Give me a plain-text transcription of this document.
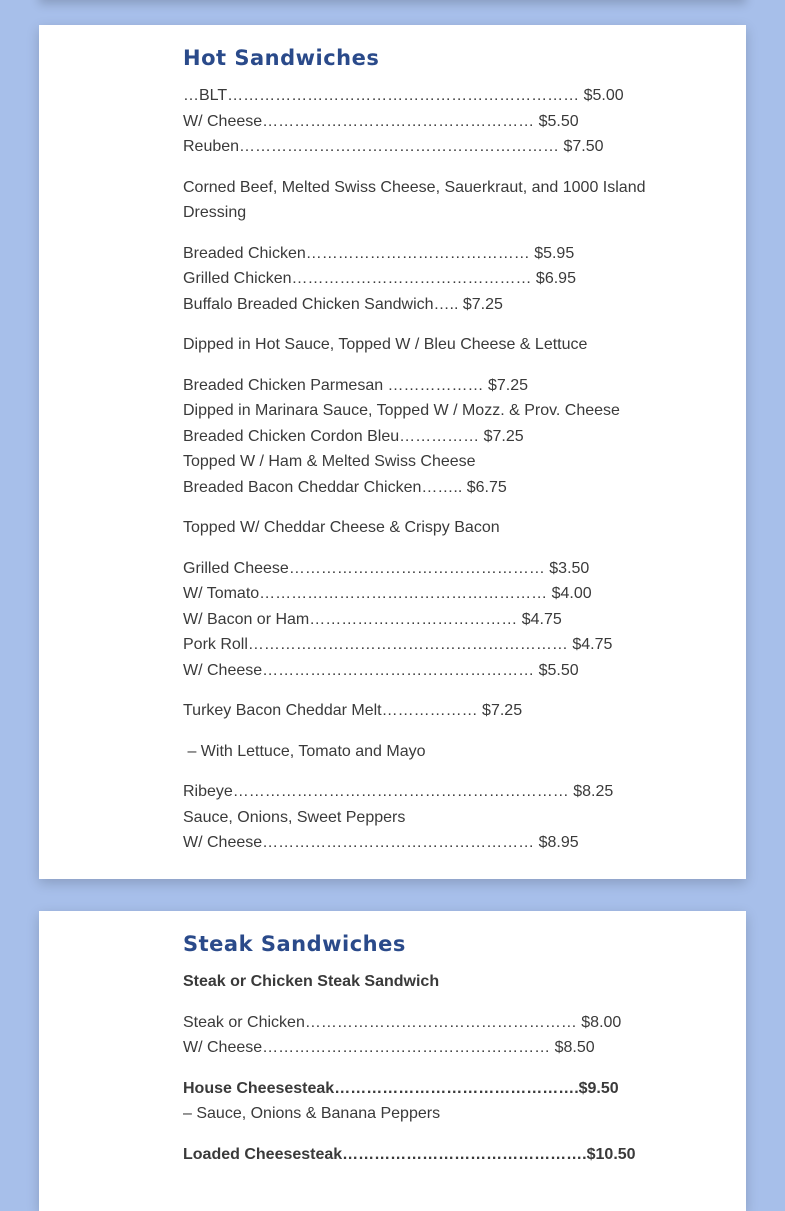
Hot Sandwiches

…BLT………………………………………………………… $5.00

W/ Cheese…………………………………………… $5.50

Reuben…………………………………………………… $7.50

Corned Beef, Melted Swiss Cheese, Sauerkraut, and 1000 Island Dressing

Breaded Chicken…………………………………… $5.95

Grilled Chicken……………………………………… $6.95

Buffalo Breaded Chicken Sandwich….. $7.25

Dipped in Hot Sauce, Topped W / Bleu Cheese & Lettuce

Breaded Chicken Parmesan ……………… $7.25

Dipped in Marinara Sauce, Topped W / Mozz. & Prov. Cheese

Breaded Chicken Cordon Bleu…………… $7.25

Topped W / Ham & Melted Swiss Cheese

Breaded Bacon Cheddar Chicken…….. $6.75

Topped W/ Cheddar Cheese & Crispy Bacon

Grilled Cheese………………………………………… $3.50

W/ Tomato……………………………………………… $4.00

W/ Bacon or Ham………………………………… $4.75

Pork Roll…………………………………………………… $4.75

W/ Cheese…………………………………………… $5.50

Turkey Bacon Cheddar Melt……………… $7.25

– With Lettuce, Tomato and Mayo

Ribeye……………………………………………………… $8.25

Sauce, Onions, Sweet Peppers

W/ Cheese…………………………………………… $8.95

Steak Sandwiches

Steak or Chicken Steak Sandwich

Steak or Chicken…………………………………………… $8.00

W/ Cheese……………………………………………… $8.50

House Cheesesteak……………………………………….$9.50

– Sauce, Onions & Banana Peppers

Loaded Cheesesteak……………………………………….$10.50
